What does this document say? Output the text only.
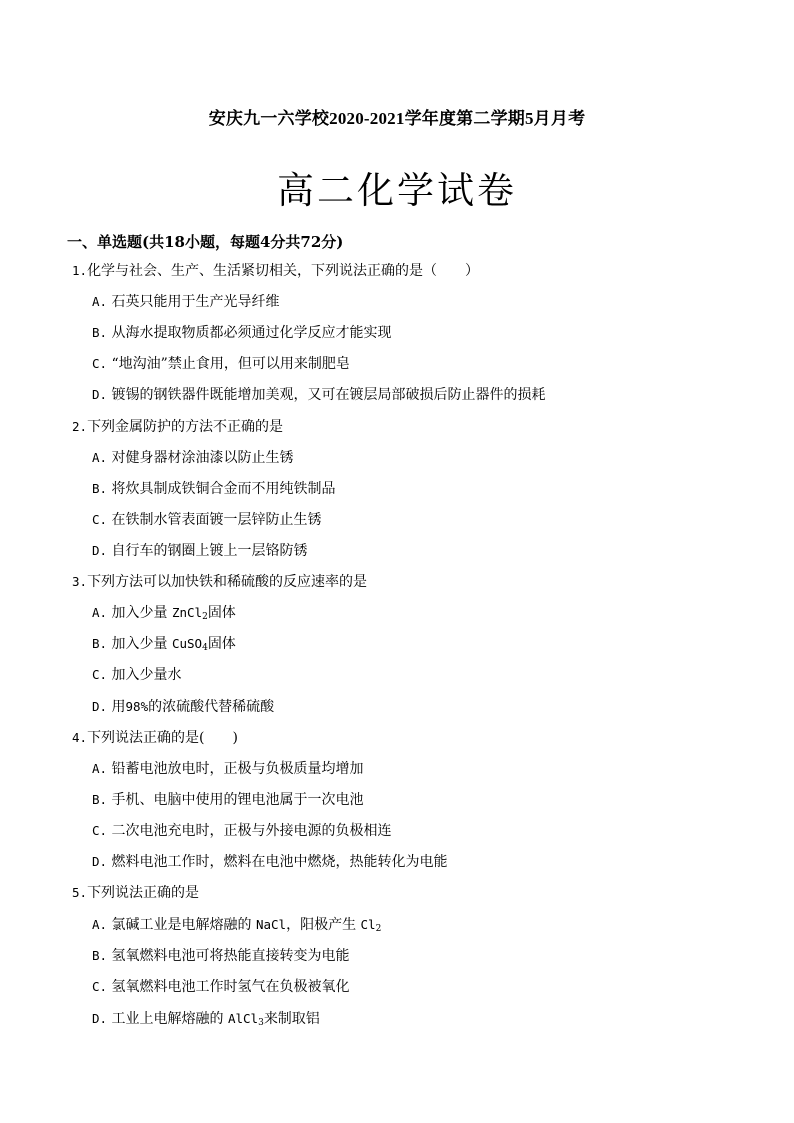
安庆九一六学校2020-2021学年度第二学期5月月考
高二化学试卷
一、单选题(共18小题，每题4分共72分)
1.化学与社会、生产、生活紧切相关，下列说法正确的是（　　）
A. 石英只能用于生产光导纤维
B. 从海水提取物质都必须通过化学反应才能实现
C. “地沟油”禁止食用，但可以用来制肥皂
D. 镀锡的钢铁器件既能增加美观，又可在镀层局部破损后防止器件的损耗
2.下列金属防护的方法不正确的是
A. 对健身器材涂油漆以防止生锈
B. 将炊具制成铁铜合金而不用纯铁制品
C. 在铁制水管表面镀一层锌防止生锈
D. 自行车的钢圈上镀上一层铬防锈
3.下列方法可以加快铁和稀硫酸的反应速率的是
A. 加入少量 ZnCl$_2$固体
B. 加入少量 CuSO$_4$固体
C. 加入少量水
D. 用98%的浓硫酸代替稀硫酸
4.下列说法正确的是(　　)
A. 铅蓄电池放电时，正极与负极质量均增加
B. 手机、电脑中使用的锂电池属于一次电池
C. 二次电池充电时，正极与外接电源的负极相连
D. 燃料电池工作时，燃料在电池中燃烧，热能转化为电能
5.下列说法正确的是
A. 氯碱工业是电解熔融的 NaCl，阳极产生 $Cl_2$
B. 氢氧燃料电池可将热能直接转变为电能
C. 氢氧燃料电池工作时氢气在负极被氧化
D. 工业上电解熔融的 AlCl$_3$来制取铝
